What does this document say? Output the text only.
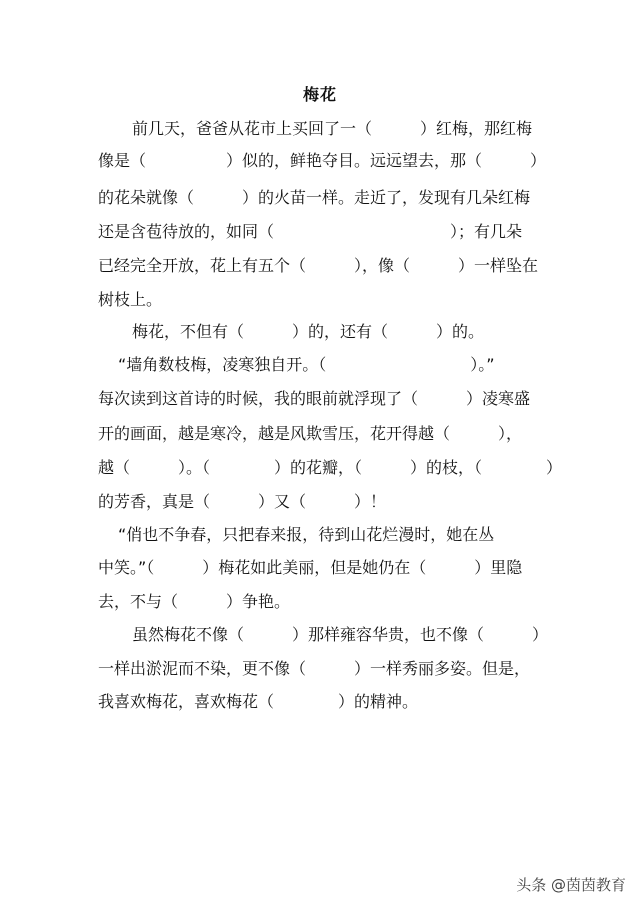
梅花
前几天，爸爸从花市上买回了一（　　　）红梅，那红梅
像是（　　　　　）似的，鲜艳夺目。远远望去，那（　　　）
的花朵就像（　　　）的火苗一样。走近了，发现有几朵红梅
还是含苞待放的，如同（　　　　　　　　　　　）；有几朵
已经完全开放，花上有五个（　　　），像（　　　）一样坠在
树枝上。
梅花，不但有（　　　）的，还有（　　　）的。
“墙角数枝梅，凌寒独自开。（　　　　　　　　　）。”
每次读到这首诗的时候，我的眼前就浮现了（　　　）凌寒盛
开的画面，越是寒冷，越是风欺雪压，花开得越（　　　），
越（　　　）。（　　　　）的花瓣，（　　　）的枝，（　　　　）
的芳香，真是（　　　）又（　　　）！
“俏也不争春，只把春来报，待到山花烂漫时，她在丛
中笑。”（　　　）梅花如此美丽，但是她仍在（　　　）里隐
去，不与（　　　）争艳。
虽然梅花不像（　　　）那样雍容华贵，也不像（　　　）
一样出淤泥而不染，更不像（　　　）一样秀丽多姿。但是，
我喜欢梅花，喜欢梅花（　　　　）的精神。
头条 @茵茵教育
